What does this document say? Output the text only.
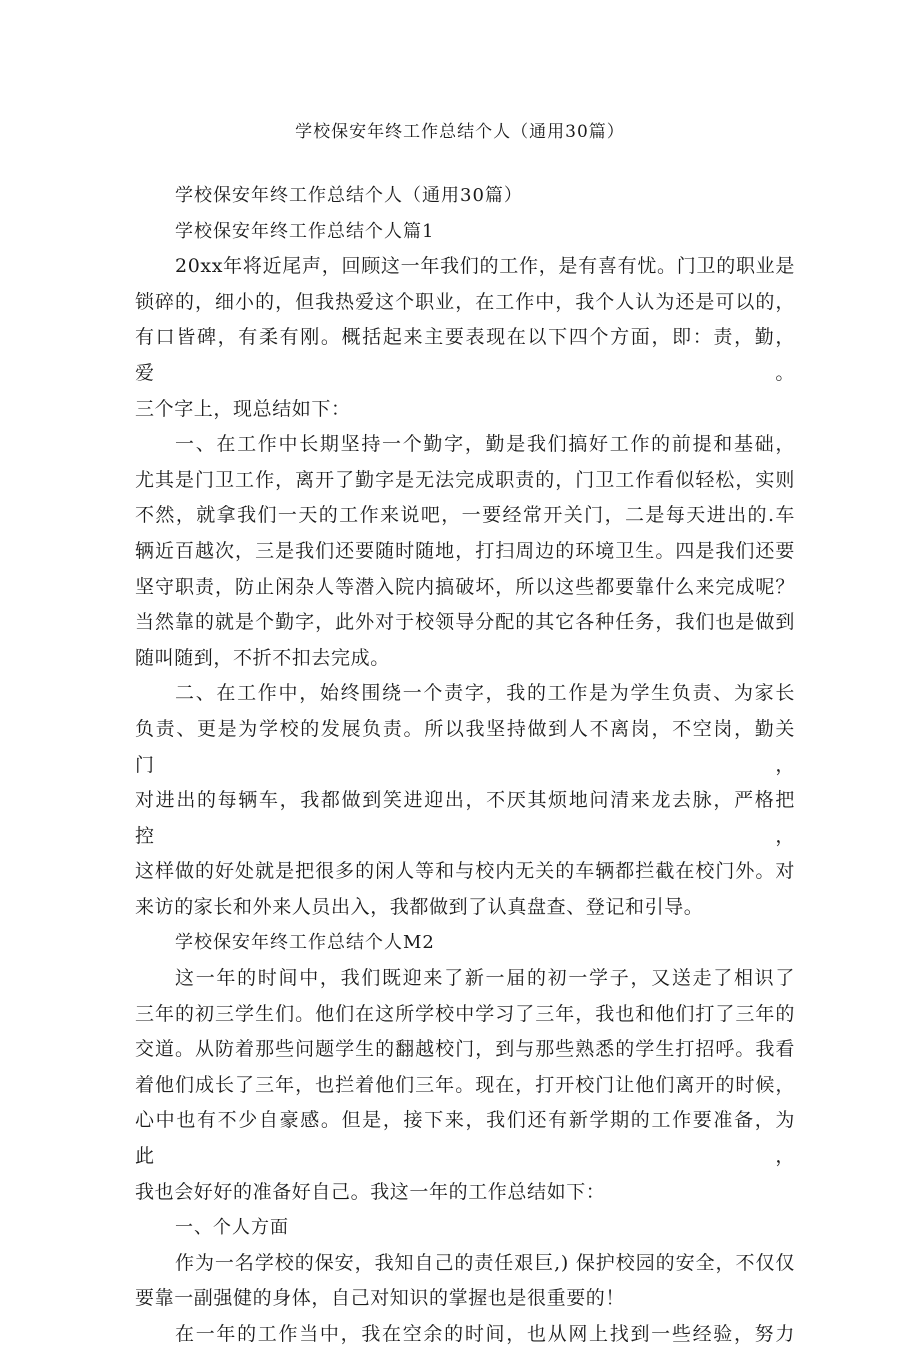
学校保安年终工作总结个人（通用30篇）

学校保安年终工作总结个人（通用30篇）

学校保安年终工作总结个人篇1

20xx年将近尾声，回顾这一年我们的工作，是有喜有忧。门卫的职业是

锁碎的，细小的，但我热爱这个职业，在工作中，我个人认为还是可以的，

有口皆碑，有柔有刚。概括起来主要表现在以下四个方面，即：责，勤，爱。

三个字上，现总结如下：

一、在工作中长期坚持一个勤字，勤是我们搞好工作的前提和基础，

尤其是门卫工作，离开了勤字是无法完成职责的，门卫工作看似轻松，实则

不然，就拿我们一天的工作来说吧，一要经常开关门，二是每天进出的.车

辆近百越次，三是我们还要随时随地，打扫周边的环境卫生。四是我们还要

坚守职责，防止闲杂人等潜入院内搞破坏，所以这些都要靠什么来完成呢？

当然靠的就是个勤字，此外对于校领导分配的其它各种任务，我们也是做到

随叫随到，不折不扣去完成。

二、在工作中，始终围绕一个责字，我的工作是为学生负责、为家长

负责、更是为学校的发展负责。所以我坚持做到人不离岗，不空岗，勤关门，

对进出的每辆车，我都做到笑进迎出，不厌其烦地问清来龙去脉，严格把控，

这样做的好处就是把很多的闲人等和与校内无关的车辆都拦截在校门外。对

来访的家长和外来人员出入，我都做到了认真盘查、登记和引导。

学校保安年终工作总结个人M2

这一年的时间中，我们既迎来了新一届的初一学子，又送走了相识了

三年的初三学生们。他们在这所学校中学习了三年，我也和他们打了三年的

交道。从防着那些问题学生的翻越校门，到与那些熟悉的学生打招呼。我看

着他们成长了三年，也拦着他们三年。现在，打开校门让他们离开的时候，

心中也有不少自豪感。但是，接下来，我们还有新学期的工作要准备，为此，

我也会好好的准备好自己。我这一年的工作总结如下：

一、个人方面

作为一名学校的保安，我知自己的责任艰巨,) 保护校园的安全，不仅仅

要靠一副强健的身体，自己对知识的掌握也是很重要的！

在一年的工作当中，我在空余的时间，也从网上找到一些经验，努力
